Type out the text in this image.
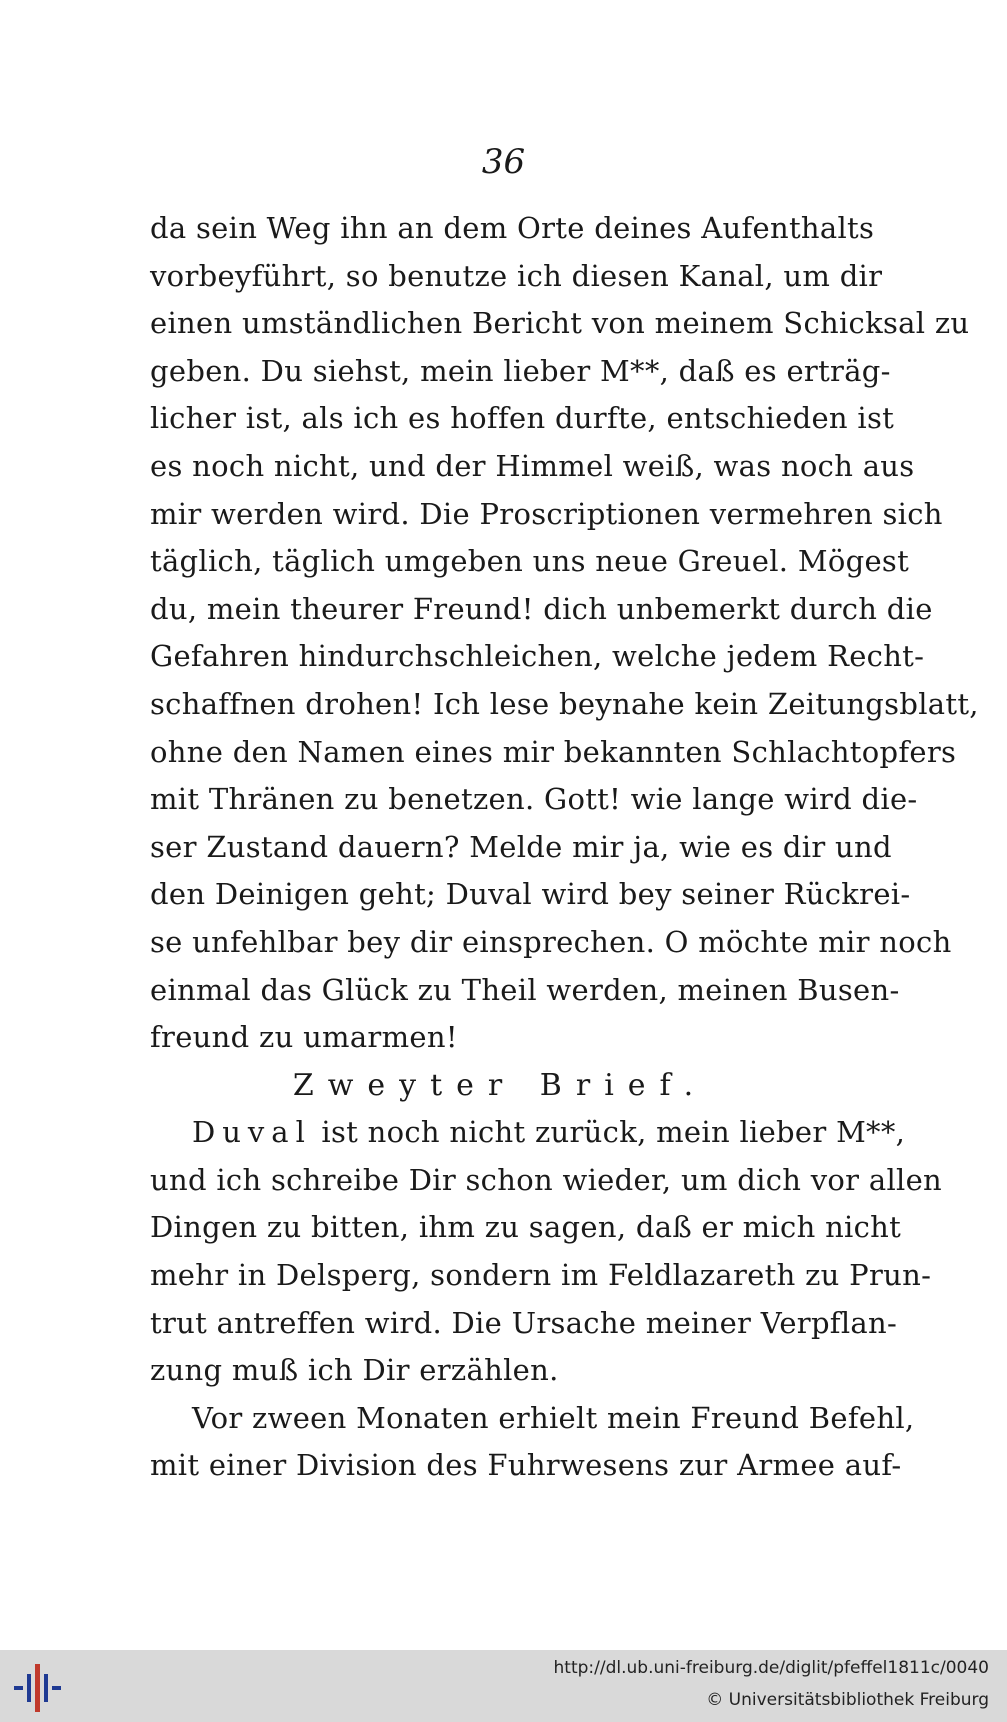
36
da sein Weg ihn an dem Orte deines Aufenthalts
vorbeyführt, so benutze ich diesen Kanal, um dir
einen umständlichen Bericht von meinem Schicksal zu
geben. Du siehst, mein lieber M**, daß es erträg-
licher ist, als ich es hoffen durfte, entschieden ist
es noch nicht, und der Himmel weiß, was noch aus
mir werden wird. Die Proscriptionen vermehren sich
täglich, täglich umgeben uns neue Greuel. Mögest
du, mein theurer Freund! dich unbemerkt durch die
Gefahren hindurchschleichen, welche jedem Recht-
schaffnen drohen! Ich lese beynahe kein Zeitungsblatt,
ohne den Namen eines mir bekannten Schlachtopfers
mit Thränen zu benetzen. Gott! wie lange wird die-
ser Zustand dauern? Melde mir ja, wie es dir und
den Deinigen geht; Duval wird bey seiner Rückrei-
se unfehlbar bey dir einsprechen. O möchte mir noch
einmal das Glück zu Theil werden, meinen Busen-
freund zu umarmen!
Zweyter Brief.
Duval ist noch nicht zurück, mein lieber M**,
und ich schreibe Dir schon wieder, um dich vor allen
Dingen zu bitten, ihm zu sagen, daß er mich nicht
mehr in Delsperg, sondern im Feldlazareth zu Prun-
trut antreffen wird. Die Ursache meiner Verpflan-
zung muß ich Dir erzählen.
Vor zween Monaten erhielt mein Freund Befehl,
mit einer Division des Fuhrwesens zur Armee auf-
http://dl.ub.uni-freiburg.de/diglit/pfeffel1811c/0040
© Universitätsbibliothek Freiburg
